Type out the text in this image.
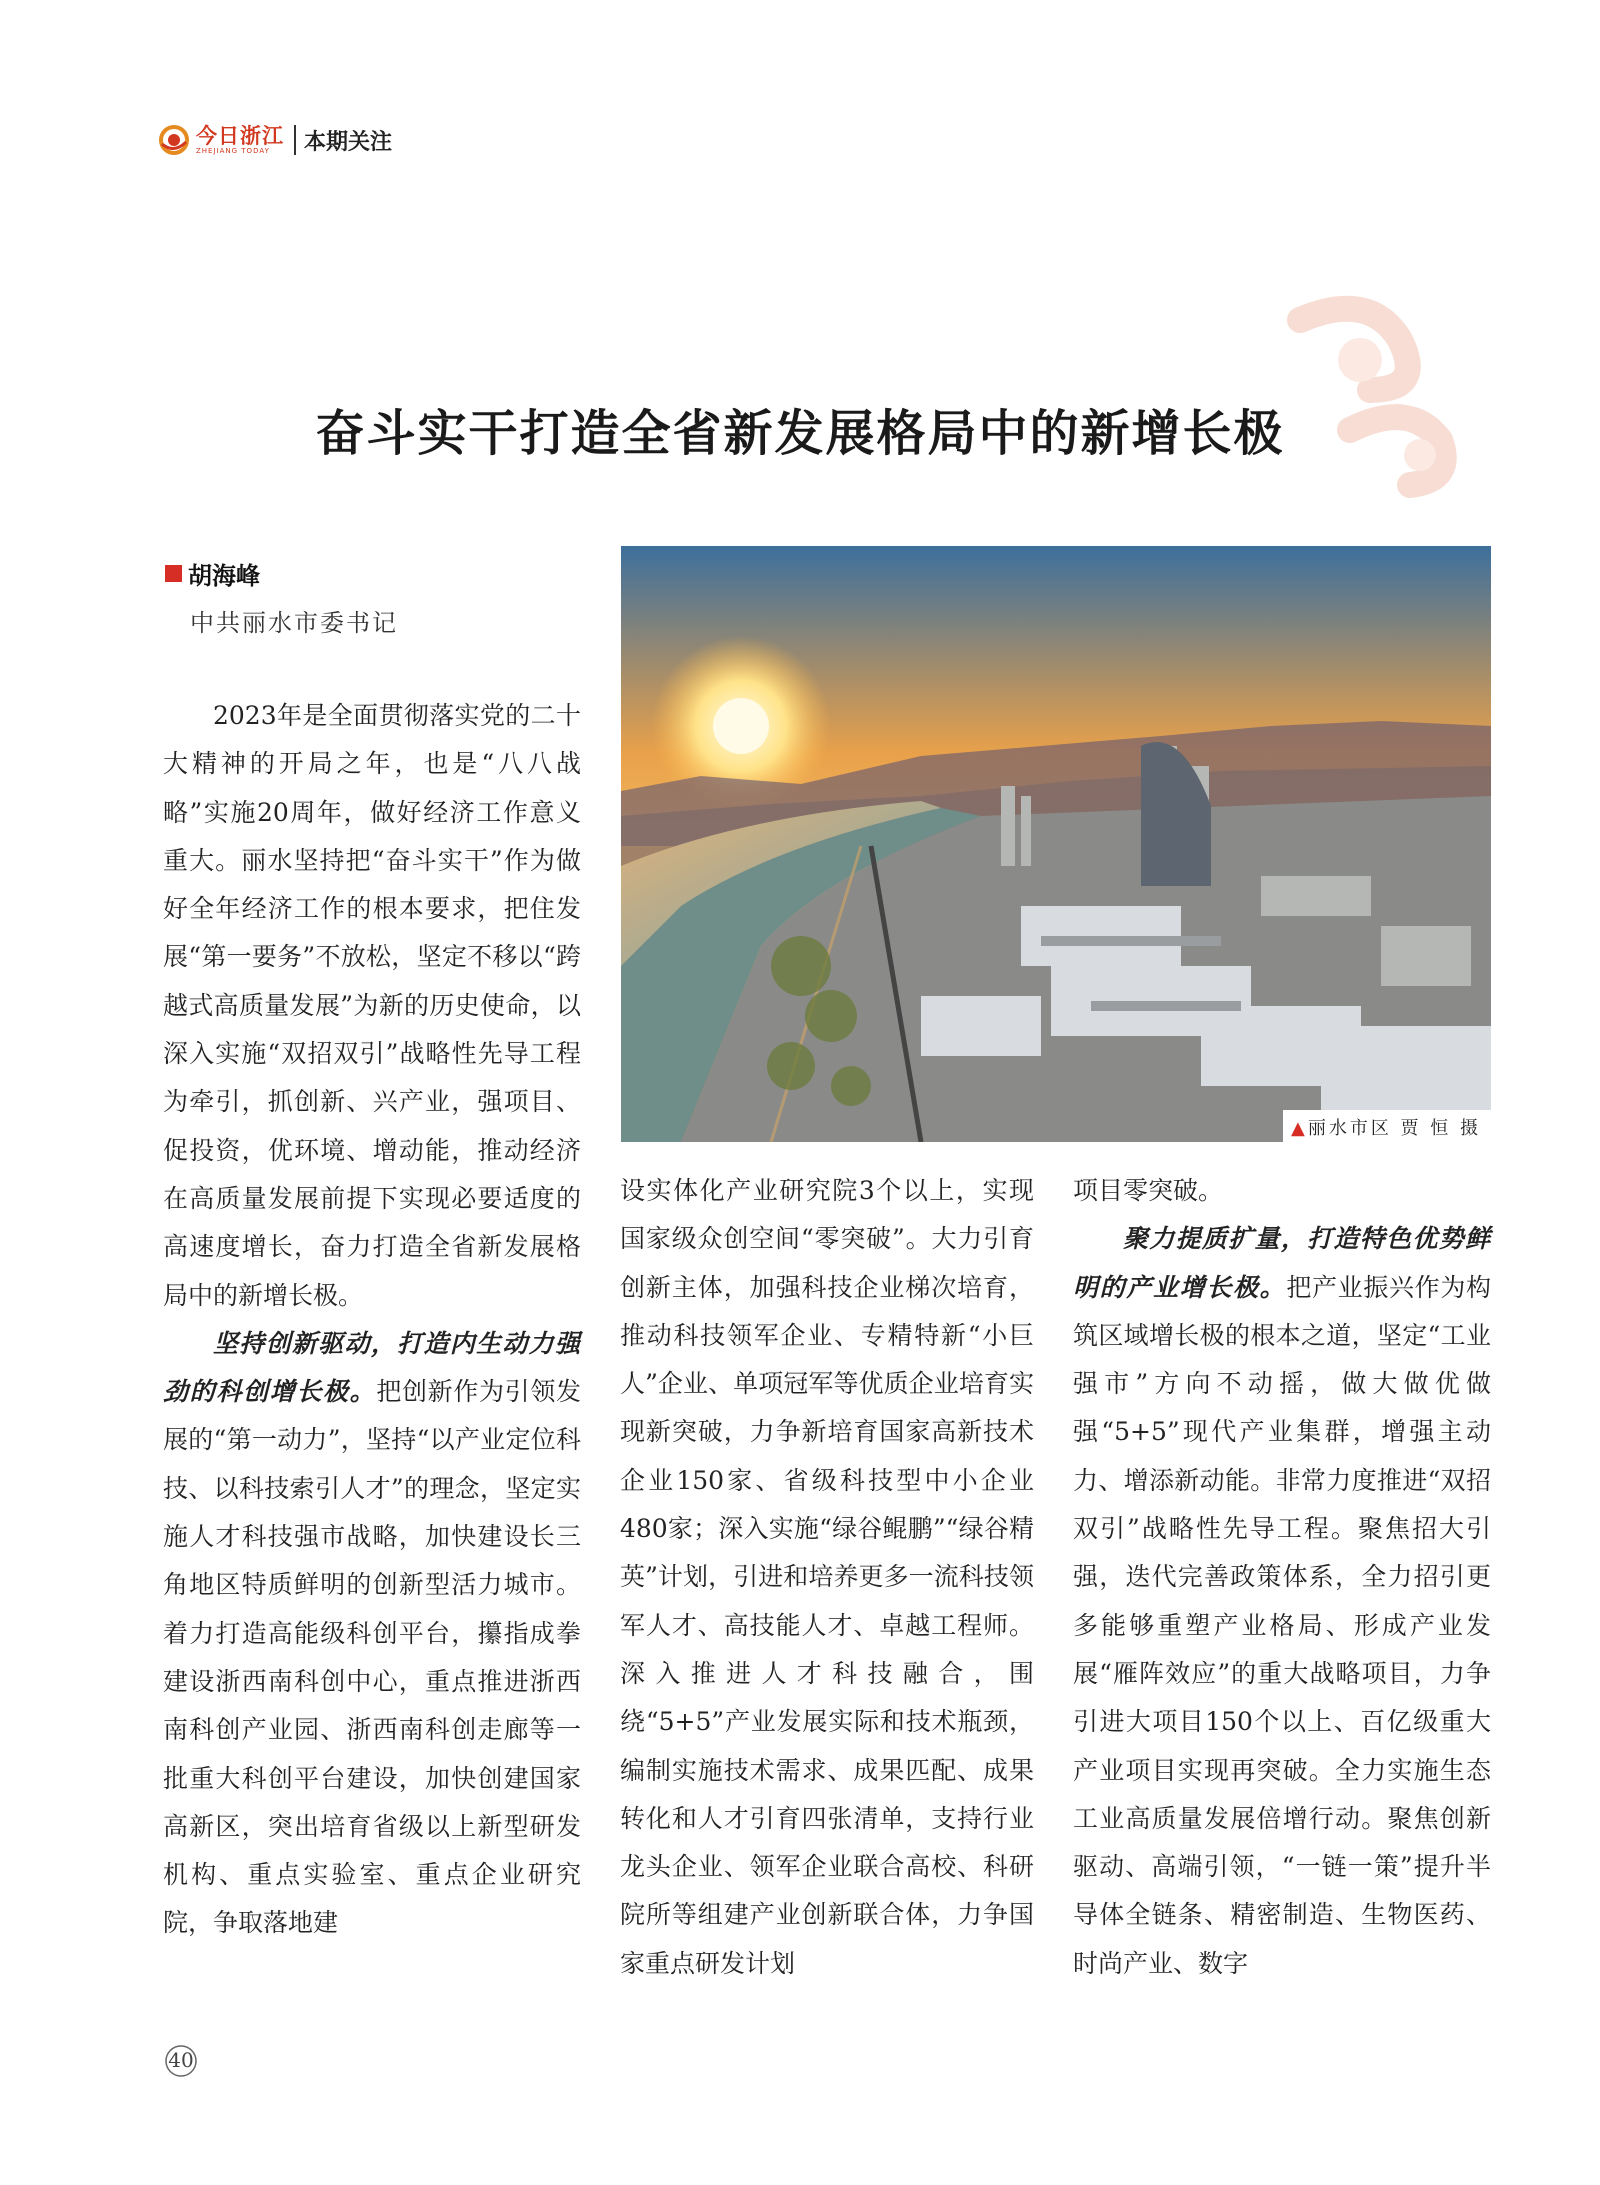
今日浙江
ZHEJIANG TODAY	本期关注
奋斗实干打造全省新发展格局中的新增长极
胡海峰
中共丽水市委书记
▲丽水市区 贾 恒 摄

2023年是全面贯彻落实党的二十大精神的开局之年，也是“八八战略”实施20周年，做好经济工作意义重大。丽水坚持把“奋斗实干”作为做好全年经济工作的根本要求，把住发展“第一要务”不放松，坚定不移以“跨越式高质量发展”为新的历史使命，以深入实施“双招双引”战略性先导工程为牵引，抓创新、兴产业，强项目、促投资，优环境、增动能，推动经济在高质量发展前提下实现必要适度的高速度增长，奋力打造全省新发展格局中的新增长极。

坚持创新驱动，打造内生动力强劲的科创增长极。把创新作为引领发展的“第一动力”，坚持“以产业定位科技、以科技索引人才”的理念，坚定实施人才科技强市战略，加快建设长三角地区特质鲜明的创新型活力城市。着力打造高能级科创平台，攥指成拳建设浙西南科创中心，重点推进浙西南科创产业园、浙西南科创走廊等一批重大科创平台建设，加快创建国家高新区，突出培育省级以上新型研发机构、重点实验室、重点企业研究院，争取落地建

设实体化产业研究院3个以上，实现国家级众创空间“零突破”。大力引育创新主体，加强科技企业梯次培育，推动科技领军企业、专精特新“小巨人”企业、单项冠军等优质企业培育实现新突破，力争新培育国家高新技术企业150家、省级科技型中小企业480家；深入实施“绿谷鲲鹏”“绿谷精英”计划，引进和培养更多一流科技领军人才、高技能人才、卓越工程师。深入推进人才科技融合，围绕“5+5”产业发展实际和技术瓶颈，编制实施技术需求、成果匹配、成果转化和人才引育四张清单，支持行业龙头企业、领军企业联合高校、科研院所等组建产业创新联合体，力争国家重点研发计划

项目零突破。

聚力提质扩量，打造特色优势鲜明的产业增长极。把产业振兴作为构筑区域增长极的根本之道，坚定“工业强市”方向不动摇，做大做优做强“5+5”现代产业集群，增强主动力、增添新动能。非常力度推进“双招双引”战略性先导工程。聚焦招大引强，迭代完善政策体系，全力招引更多能够重塑产业格局、形成产业发展“雁阵效应”的重大战略项目，力争引进大项目150个以上、百亿级重大产业项目实现再突破。全力实施生态工业高质量发展倍增行动。聚焦创新驱动、高端引领，“一链一策”提升半导体全链条、精密制造、生物医药、时尚产业、数字

40
